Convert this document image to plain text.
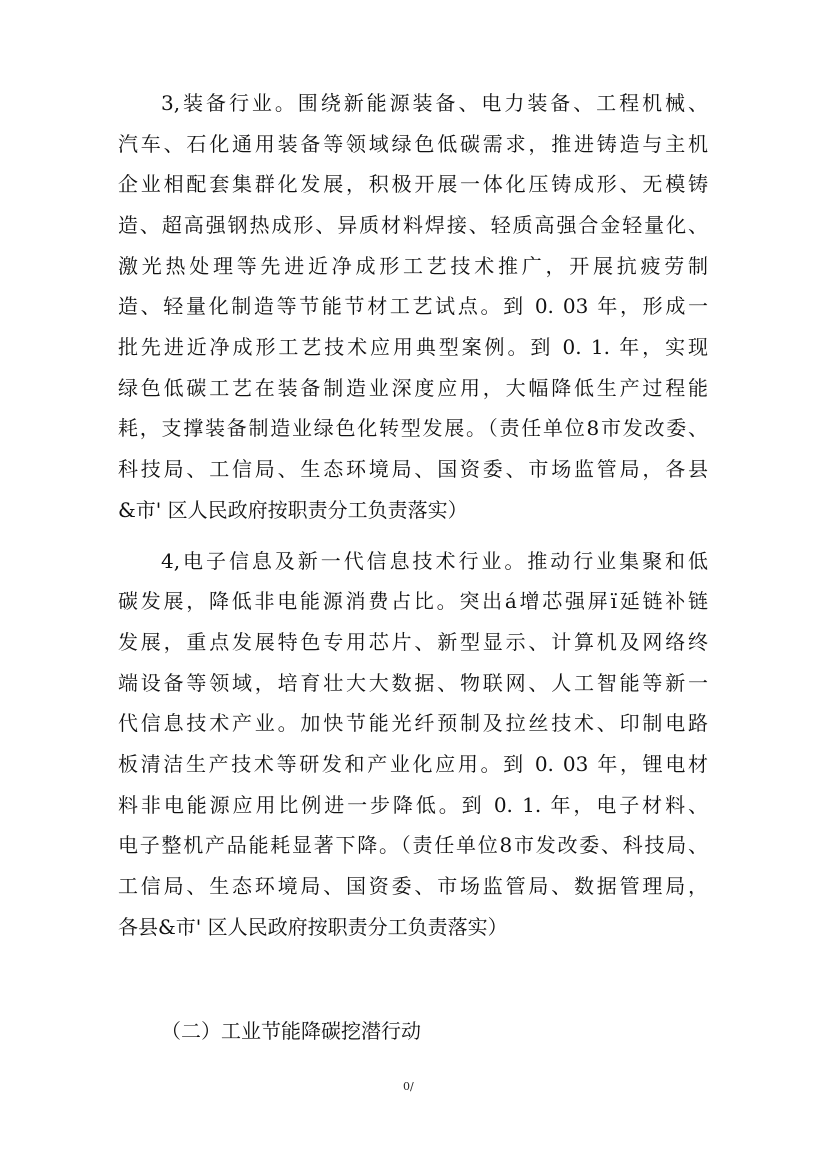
3,装备行业。围绕新能源装备、电力装备、工程机械、
汽车、石化通用装备等领域绿色低碳需求，推进铸造与主机
企业相配套集群化发展，积极开展一体化压铸成形、无模铸
造、超高强钢热成形、异质材料焊接、轻质高强合金轻量化、
激光热处理等先进近净成形工艺技术推广，开展抗疲劳制
造、轻量化制造等节能节材工艺试点。到 0. 03 年，形成一
批先进近净成形工艺技术应用典型案例。到 0. 1. 年，实现
绿色低碳工艺在装备制造业深度应用，大幅降低生产过程能
耗，支撑装备制造业绿色化转型发展。（责任单位8市发改委、
科技局、工信局、生态环境局、国资委、市场监管局，各县
&市' 区人民政府按职责分工负责落实）
4,电子信息及新一代信息技术行业。推动行业集聚和低
碳发展，降低非电能源消费占比。突出á增芯强屏ï延链补链
发展，重点发展特色专用芯片、新型显示、计算机及网络终
端设备等领域，培育壮大大数据、物联网、人工智能等新一
代信息技术产业。加快节能光纤预制及拉丝技术、印制电路
板清洁生产技术等研发和产业化应用。到 0. 03 年，锂电材
料非电能源应用比例进一步降低。到 0. 1. 年，电子材料、
电子整机产品能耗显著下降。（责任单位8市发改委、科技局、
工信局、生态环境局、国资委、市场监管局、数据管理局，
各县&市' 区人民政府按职责分工负责落实）
（二）工业节能降碳挖潜行动
0/
